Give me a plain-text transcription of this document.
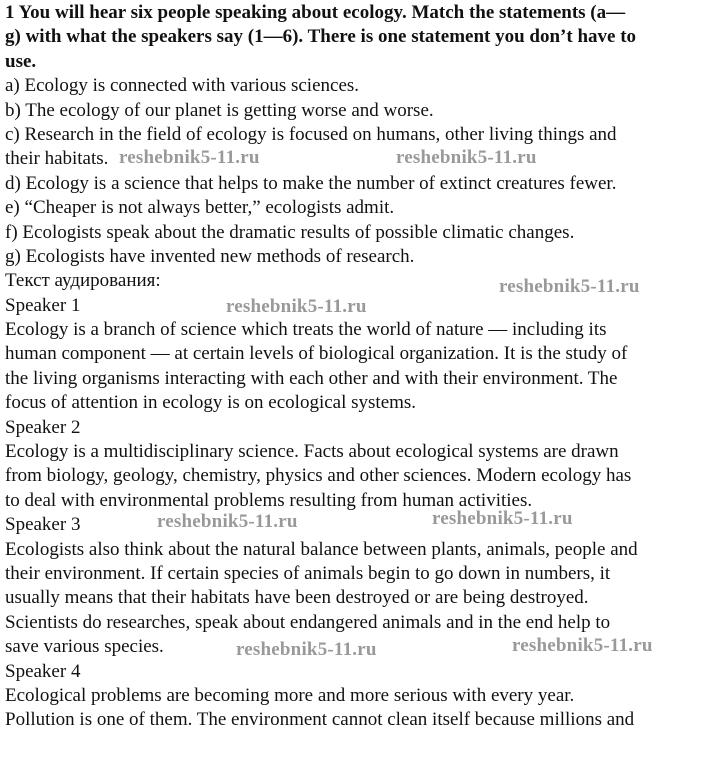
1 You will hear six people speaking about ecology. Match the statements (a—
g) with what the speakers say (1—6). There is one statement you don’t have to
use.
a) Ecology is connected with various sciences.
b) The ecology of our planet is getting worse and worse.
c) Research in the field of ecology is focused on humans, other living things and
their habitats.
d) Ecology is a science that helps to make the number of extinct creatures fewer.
e) “Cheaper is not always better,” ecologists admit.
f) Ecologists speak about the dramatic results of possible climatic changes.
g) Ecologists have invented new methods of research.
Текст аудирования:
Speaker 1
Ecology is a branch of science which treats the world of nature — including its
human component — at certain levels of biological organization. It is the study of
the living organisms interacting with each other and with their environment. The
focus of attention in ecology is on ecological systems.
Speaker 2
Ecology is a multidisciplinary science. Facts about ecological systems are drawn
from biology, geology, chemistry, physics and other sciences. Modern ecology has
to deal with environmental problems resulting from human activities.
Speaker 3
Ecologists also think about the natural balance between plants, animals, people and
their environment. If certain species of animals begin to go down in numbers, it
usually means that their habitats have been destroyed or are being destroyed.
Scientists do researches, speak about endangered animals and in the end help to
save various species.
Speaker 4
Ecological problems are becoming more and more serious with every year.
Pollution is one of them. The environment cannot clean itself because millions and
reshebnik5-11.ru	reshebnik5-11.ru
reshebnik5-11.ru
reshebnik5-11.ru
reshebnik5-11.ru	reshebnik5-11.ru
reshebnik5-11.ru	reshebnik5-11.ru
